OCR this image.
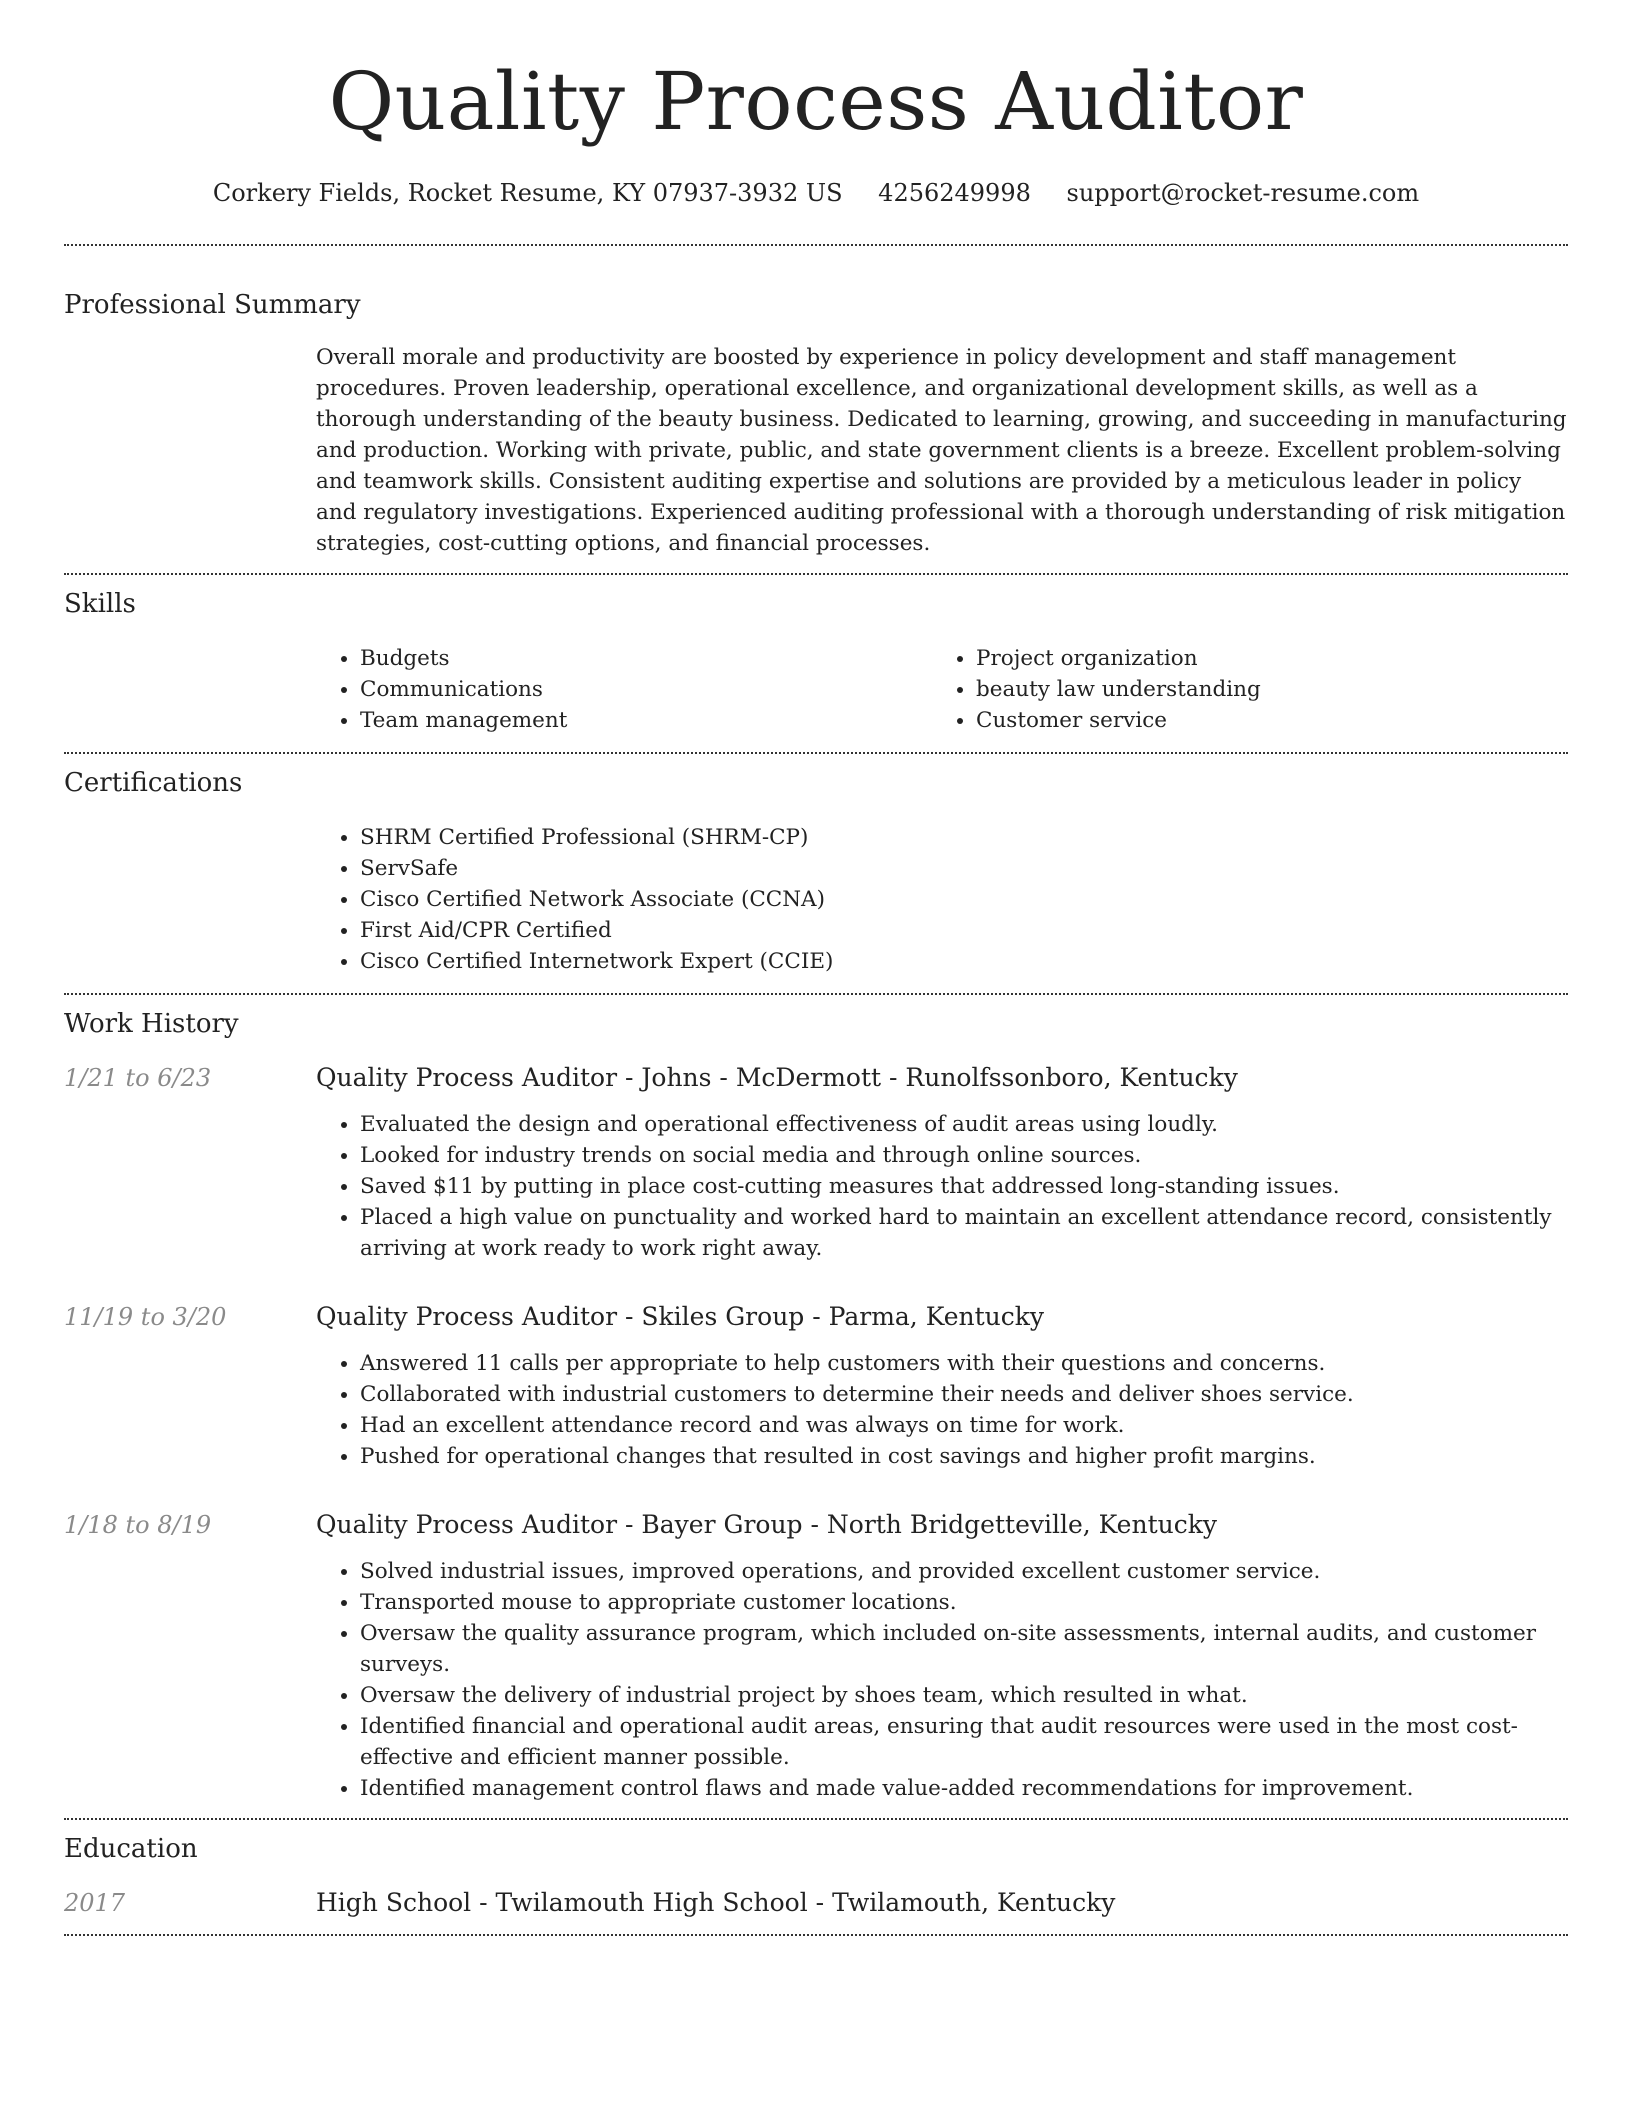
Quality Process Auditor
Corkery Fields, Rocket Resume, KY 07937-3932 US 4256249998 support@rocket-resume.com
Professional Summary

Overall morale and productivity are boosted by experience in policy development and staff management procedures. Proven leadership, operational excellence, and organizational development skills, as well as a thorough understanding of the beauty business. Dedicated to learning, growing, and succeeding in manufacturing and production. Working with private, public, and state government clients is a breeze. Excellent problem-solving and teamwork skills. Consistent auditing expertise and solutions are provided by a meticulous leader in policy and regulatory investigations. Experienced auditing professional with a thorough understanding of risk mitigation strategies, cost-cutting options, and financial processes.

Skills
• Budgets
• Communications
• Team management
• Project organization
• beauty law understanding
• Customer service
Certifications
• SHRM Certified Professional (SHRM-CP)
• ServSafe
• Cisco Certified Network Associate (CCNA)
• First Aid/CPR Certified
• Cisco Certified Internetwork Expert (CCIE)
Work History
1/21 to 6/23	Quality Process Auditor - Johns - McDermott - Runolfssonboro, Kentucky
• Evaluated the design and operational effectiveness of audit areas using loudly.
• Looked for industry trends on social media and through online sources.
• Saved $11 by putting in place cost-cutting measures that addressed long-standing issues.
• Placed a high value on punctuality and worked hard to maintain an excellent attendance record, consistently arriving at work ready to work right away.
11/19 to 3/20	Quality Process Auditor - Skiles Group - Parma, Kentucky
• Answered 11 calls per appropriate to help customers with their questions and concerns.
• Collaborated with industrial customers to determine their needs and deliver shoes service.
• Had an excellent attendance record and was always on time for work.
• Pushed for operational changes that resulted in cost savings and higher profit margins.
1/18 to 8/19	Quality Process Auditor - Bayer Group - North Bridgetteville, Kentucky
• Solved industrial issues, improved operations, and provided excellent customer service.
• Transported mouse to appropriate customer locations.
• Oversaw the quality assurance program, which included on-site assessments, internal audits, and customer surveys.
• Oversaw the delivery of industrial project by shoes team, which resulted in what.
• Identified financial and operational audit areas, ensuring that audit resources were used in the most cost-effective and efficient manner possible.
• Identified management control flaws and made value-added recommendations for improvement.
Education
2017	High School - Twilamouth High School - Twilamouth, Kentucky
